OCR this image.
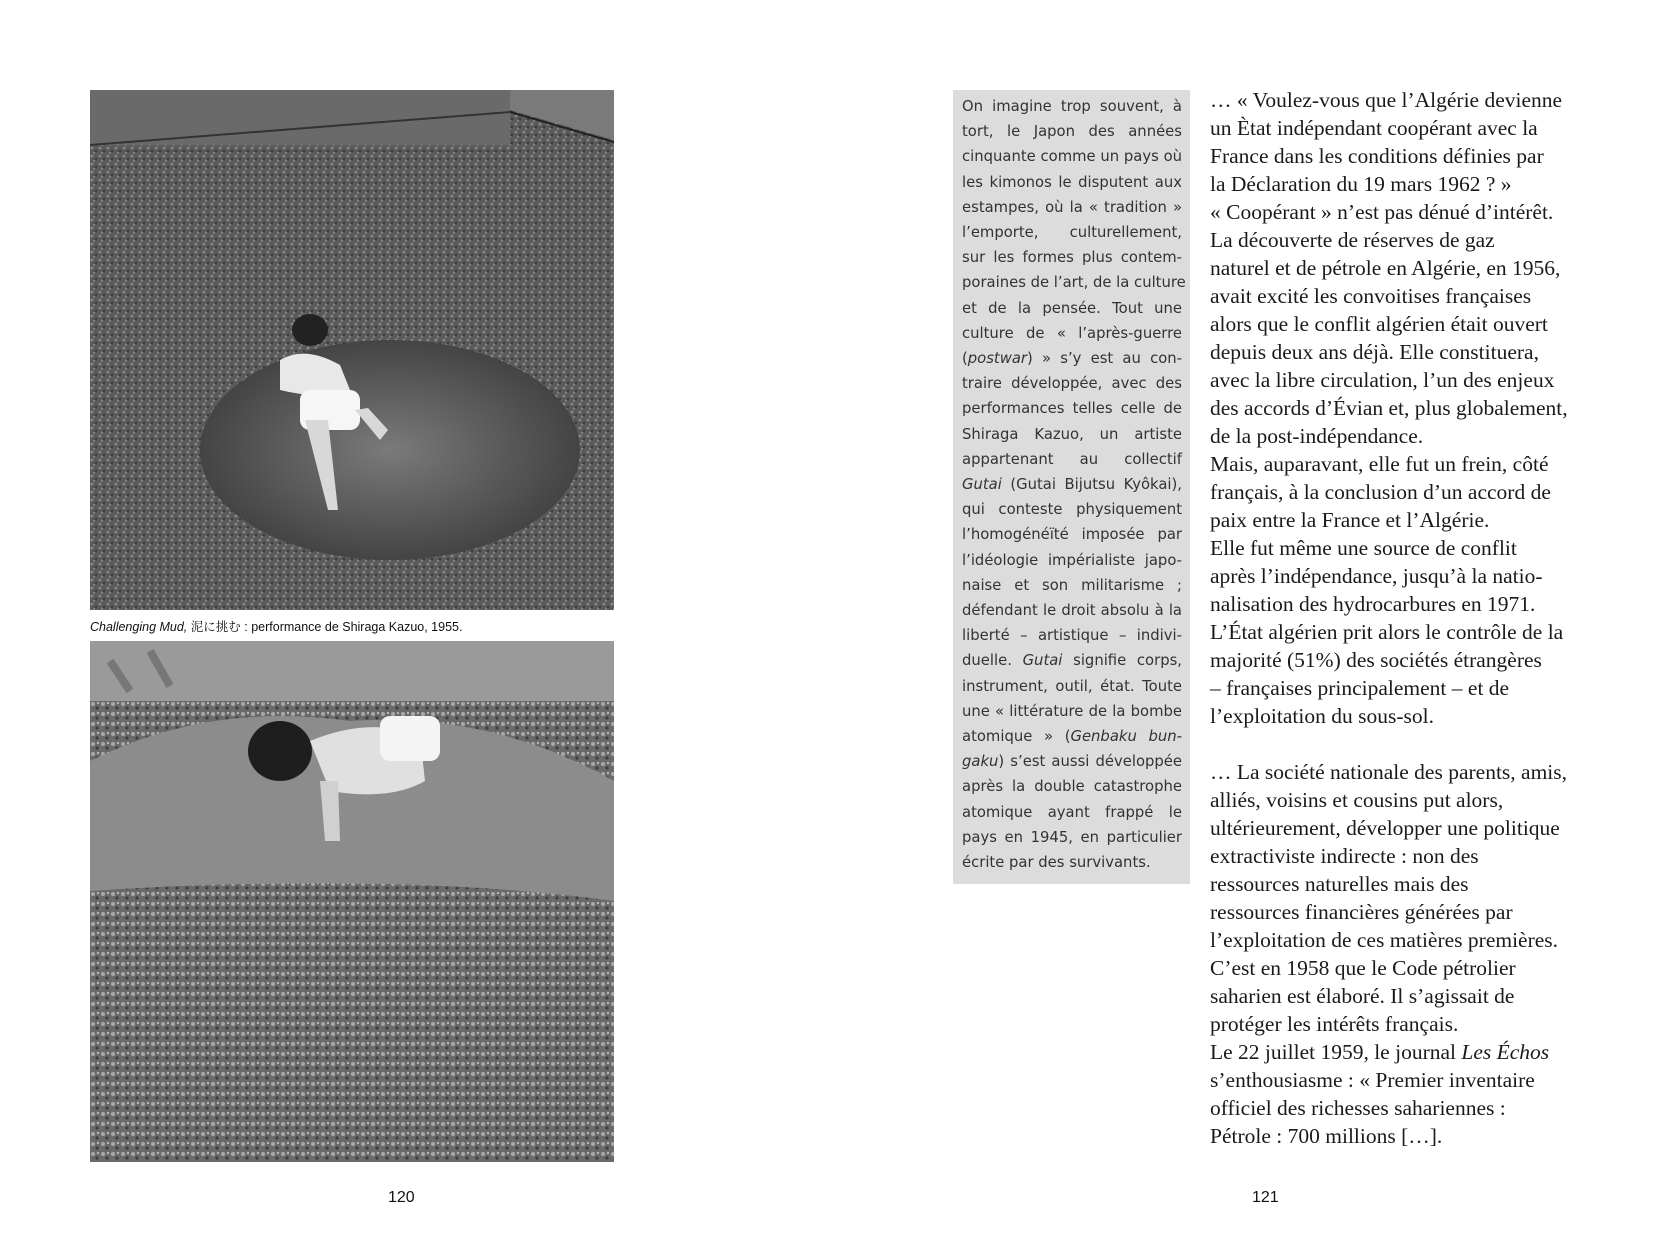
Challenging Mud, 泥に挑む : performance de Shiraga Kazuo, 1955.
120
On imagine trop souvent, à
tort, le Japon des années
cinquante comme un pays où
les kimonos le disputent aux
estampes, où la « tradition »
l’emporte, culturellement,
sur les formes plus contem-
poraines de l’art, de la culture
et de la pensée. Tout une
culture de « l’après-guerre
(postwar) » s’y est au con-
traire développée, avec des
performances telles celle de
Shiraga Kazuo, un artiste
appartenant au collectif
Gutai (Gutai Bijutsu Kyôkai),
qui conteste physiquement
l’homogénéïté imposée par
l’idéologie impérialiste japo-
naise et son militarisme ;
défendant le droit absolu à la
liberté – artistique – indivi-
duelle. Gutai signifie corps,
instrument, outil, état. Toute
une « littérature de la bombe
atomique » (Genbaku bun-
gaku) s’est aussi développée
après la double catastrophe
atomique ayant frappé le
pays en 1945, en particulier
écrite par des survivants.
… « Voulez-vous que l’Algérie devienne
un Ètat indépendant coopérant avec la
France dans les conditions définies par
la Déclaration du 19 mars 1962 ? »
« Coopérant » n’est pas dénué d’intérêt.
La découverte de réserves de gaz
naturel et de pétrole en Algérie, en 1956,
avait excité les convoitises françaises
alors que le conflit algérien était ouvert
depuis deux ans déjà. Elle constituera,
avec la libre circulation, l’un des enjeux
des accords d’Évian et, plus globalement,
de la post-indépendance.
Mais, auparavant, elle fut un frein, côté
français, à la conclusion d’un accord de
paix entre la France et l’Algérie.
Elle fut même une source de conflit
après l’indépendance, jusqu’à la natio-
nalisation des hydrocarbures en 1971.
L’État algérien prit alors le contrôle de la
majorité (51%) des sociétés étrangères
– françaises principalement – et de
l’exploitation du sous-sol.
… La société nationale des parents, amis,
alliés, voisins et cousins put alors,
ultérieurement, développer une politique
extractiviste indirecte : non des
ressources naturelles mais des
ressources financières générées par
l’exploitation de ces matières premières.
C’est en 1958 que le Code pétrolier
saharien est élaboré. Il s’agissait de
protéger les intérêts français.
Le 22 juillet 1959, le journal Les Échos
s’enthousiasme : « Premier inventaire
officiel des richesses sahariennes :
Pétrole : 700 millions […].
121
